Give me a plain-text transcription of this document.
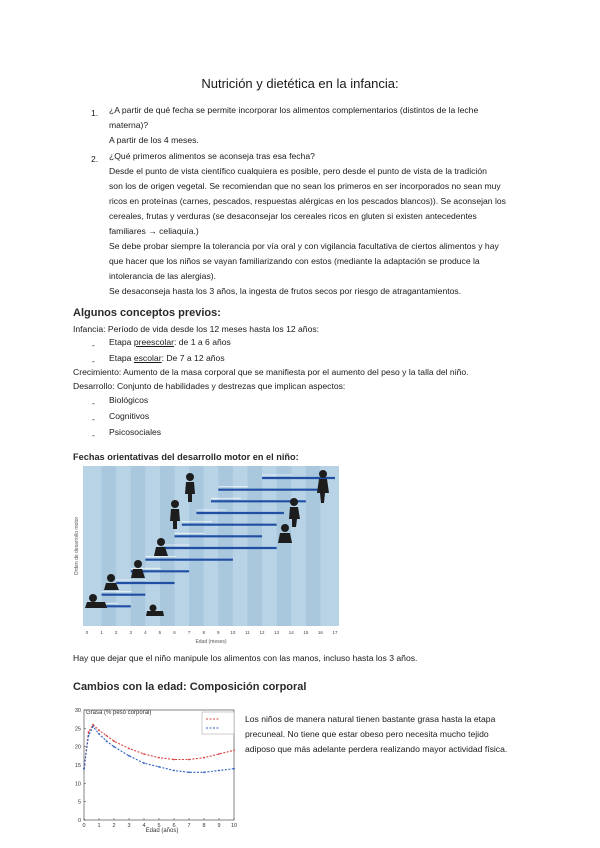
Nutrición y dietética en la infancia:
1. ¿A partir de qué fecha se permite incorporar los alimentos complementarios (distintos de la leche
materna)?
A partir de los 4 meses.
2. ¿Qué primeros alimentos se aconseja tras esa fecha?
Desde el punto de vista científico cualquiera es posible, pero desde el punto de vista de la tradición
son los de origen vegetal. Se recomiendan que no sean los primeros en ser incorporados no sean muy
ricos en proteínas (carnes, pescados, respuestas alérgicas en los pescados blancos)). Se aconsejan los
cereales, frutas y verduras (se desaconsejar los cereales ricos en gluten si existen antecedentes
familiares → celiaquía.)
Se debe probar siempre la tolerancia por vía oral y con vigilancia facultativa de ciertos alimentos y hay
que hacer que los niños se vayan familiarizando con estos (mediante la adaptación se produce la
intolerancia de las alergias).
Se desaconseja hasta los 3 años, la ingesta de frutos secos por riesgo de atragantamientos.
Algunos conceptos previos:
Infancia: Período de vida desde los 12 meses hasta los 12 años:
- Etapa preescolar: de 1 a 6 años
- Etapa escolar: De 7 a 12 años
Crecimiento: Aumento de la masa corporal que se manifiesta por el aumento del peso y la talla del niño.
Desarrollo: Conjunto de habilidades y destrezas que implican aspectos:
- Biológicos
- Cognitivos
- Psicosociales
Fechas orientativas del desarrollo motor en el niño:
Orden de desarrollo motor
0	1	2	3	4	5	6	7	8	9 10 11 12 13 14 15 16 17
Edad (meses)
Hay que dejar que el niño manipule los alimentos con las manos, incluso hasta los 3 años.
Cambios con la edad: Composición corporal
Grasa (% peso corporal)
0
5
10
15
20
25
30
0 1 2 3 4 5 6 7 8 9 10
Edad (años)
Los niños de manera natural tienen bastante grasa hasta la etapa
precuneal. No tiene que estar obeso pero necesita mucho tejido
adiposo que más adelante perdera realizando mayor actividad física.
